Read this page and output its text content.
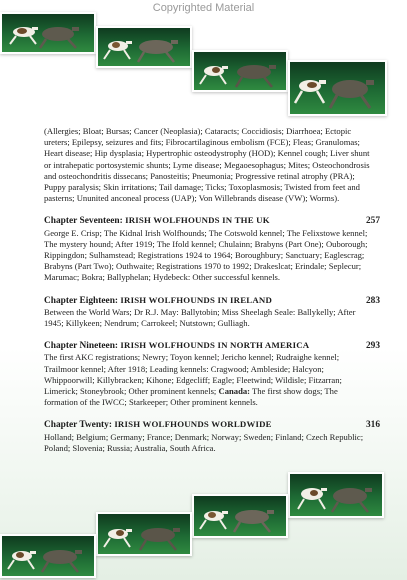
Copyrighted Material

(Allergies; Bloat; Bursas; Cancer (Neoplasia); Cataracts; Coccidiosis; Diarrhoea; Ectopic ureters; Epilepsy, seizures and fits; Fibrocartilaginous embolism (FCE); Fleas; Granulomas; Heart disease; Hip dysplasia; Hypertrophic osteodystrophy (HOD); Kennel cough; Liver shunt or intrahepatic portosystemic shunts; Lyme disease; Megaoesophagus; Mites; Osteochondrosis and osteochondritis dissecans; Panosteitis; Pneumonia; Progressive retinal atrophy (PRA); Puppy paralysis; Skin irritations; Tail damage; Ticks; Toxoplasmosis; Twisted from feet and pasterns; Ununited anconeal process (UAP); Von Willebrands disease (VW); Worms).

Chapter Seventeen: IRISH WOLFHOUNDS IN THE UK	257

George E. Crisp; The Kidnal Irish Wolfhounds; The Cotswold kennel; The Felixstowe kennel; The mystery hound; After 1919; The Ifold kennel; Chulainn; Brabyns (Part One); Ouborough; Rippingdon; Sulhamstead; Registrations 1924 to 1964; Boroughbury; Sanctuary; Eaglescrag; Brabyns (Part Two); Outhwaite; Registrations 1970 to 1992; Drakeslcat; Erindale; Seplecur; Marumac; Bokra; Ballyphelan; Hydebeck: Other successful kennels.

Chapter Eighteen: IRISH WOLFHOUNDS IN IRELAND	283

Between the World Wars; Dr R.J. May: Ballytobin; Miss Sheelagh Seale: Ballykelly; After 1945; Killykeen; Nendrum; Carrokeel; Nutstown; Gulliagh.

Chapter Nineteen: IRISH WOLFHOUNDS IN NORTH AMERICA	293

The first AKC registrations; Newry; Toyon kennel; Jericho kennel; Rudraighe kennel; Trailmoor kennel; After 1918; Leading kennels: Cragwood; Ambleside; Halcyon; Whippoorwill; Killybracken; Kihone; Edgecliff; Eagle; Fleetwind; Wildisle; Fitzarran; Limerick; Stoneybrook; Other prominent kennels; Canada: The first show dogs; The formation of the IWCC; Starkeeper; Other prominent kennels.

Chapter Twenty: IRISH WOLFHOUNDS WORLDWIDE	316

Holland; Belgium; Germany; France; Denmark; Norway; Sweden; Finland; Czech Republic; Poland; Slovenia; Russia; Australia, South Africa.
